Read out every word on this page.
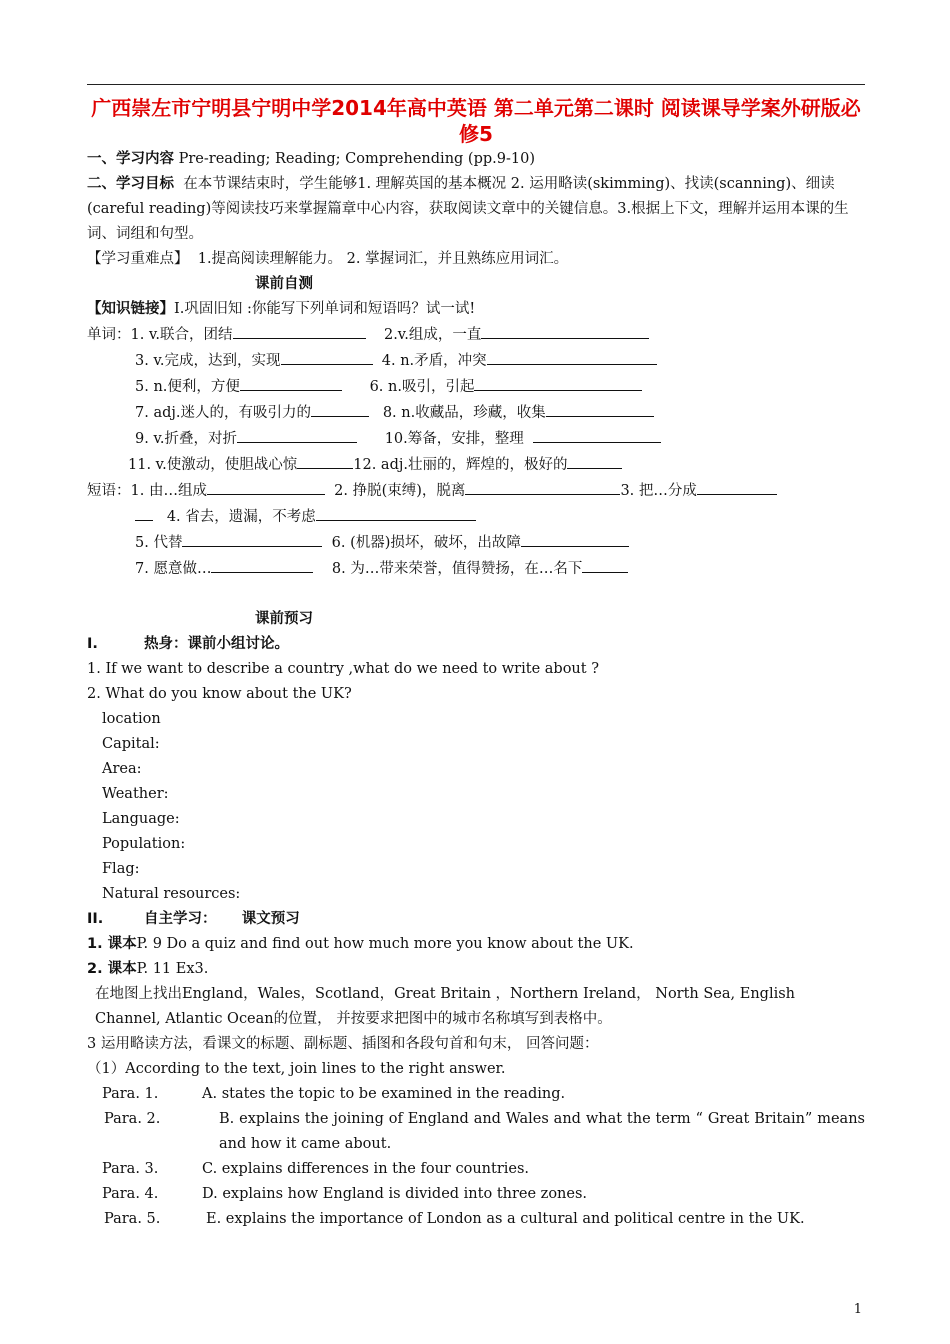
广西崇左市宁明县宁明中学2014年高中英语 第二单元第二课时 阅读课导学案外研版必修5
一、学习内容 Pre-reading; Reading; Comprehending (pp.9-10)
二、学习目标 在本节课结束时，学生能够1. 理解英国的基本概况 2. 运用略读(skimming)、找读(scanning)、细读(careful reading)等阅读技巧来掌握篇章中心内容，获取阅读文章中的关键信息。3.根据上下文，理解并运用本课的生词、词组和句型。
【学习重难点】 1.提高阅读理解能力。 2. 掌握词汇，并且熟练应用词汇。
课前自测
【知识链接】I.巩固旧知 :你能写下列单词和短语吗？试一试!
单词：1. v.联合，团结	2.v.组成，一直
3. v.完成，达到，实现	4. n.矛盾，冲突
5. n.便利，方便	6. n.吸引，引起
7. adj.迷人的，有吸引力的	8. n.收藏品，珍藏，收集
9. v.折叠，对折	10.筹备，安排，整理
11. v.使激动，使胆战心惊	12. adj.壮丽的，辉煌的，极好的
短语：1. 由…组成	2. 挣脱(束缚)，脱离	3. 把…分成
4. 省去，遗漏，不考虑
5. 代替	6. (机器)损坏，破坏，出故障
7. 愿意做…	8. 为…带来荣誉，值得赞扬，在…名下
课前预习
I.	热身：课前小组讨论。
1. If we want to describe a country ,what do we need to write about ?
2. What do you know about the UK?
location
Capital:
Area:
Weather:
Language:
Population:
Flag:
Natural resources:
II.	自主学习： 课文预习
1. 课本P. 9 Do a quiz and find out how much more you know about the UK.
2. 课本P. 11 Ex3.
在地图上找出England，Wales，Scotland，Great Britain ，Northern Ireland， North Sea, English Channel, Atlantic Ocean的位置， 并按要求把图中的城市名称填写到表格中。
3 运用略读方法，看课文的标题、副标题、插图和各段句首和句末， 回答问题：
（1）According to the text, join lines to the right answer.
Para. 1.	A. states the topic to be examined in the reading.
Para. 2.	B. explains the joining of England and Wales and what the term “ Great Britain” means and how it came about.
Para. 3.	C. explains differences in the four countries.
Para. 4.	D. explains how England is divided into three zones.
Para. 5.	E. explains the importance of London as a cultural and political centre in the UK.
1
